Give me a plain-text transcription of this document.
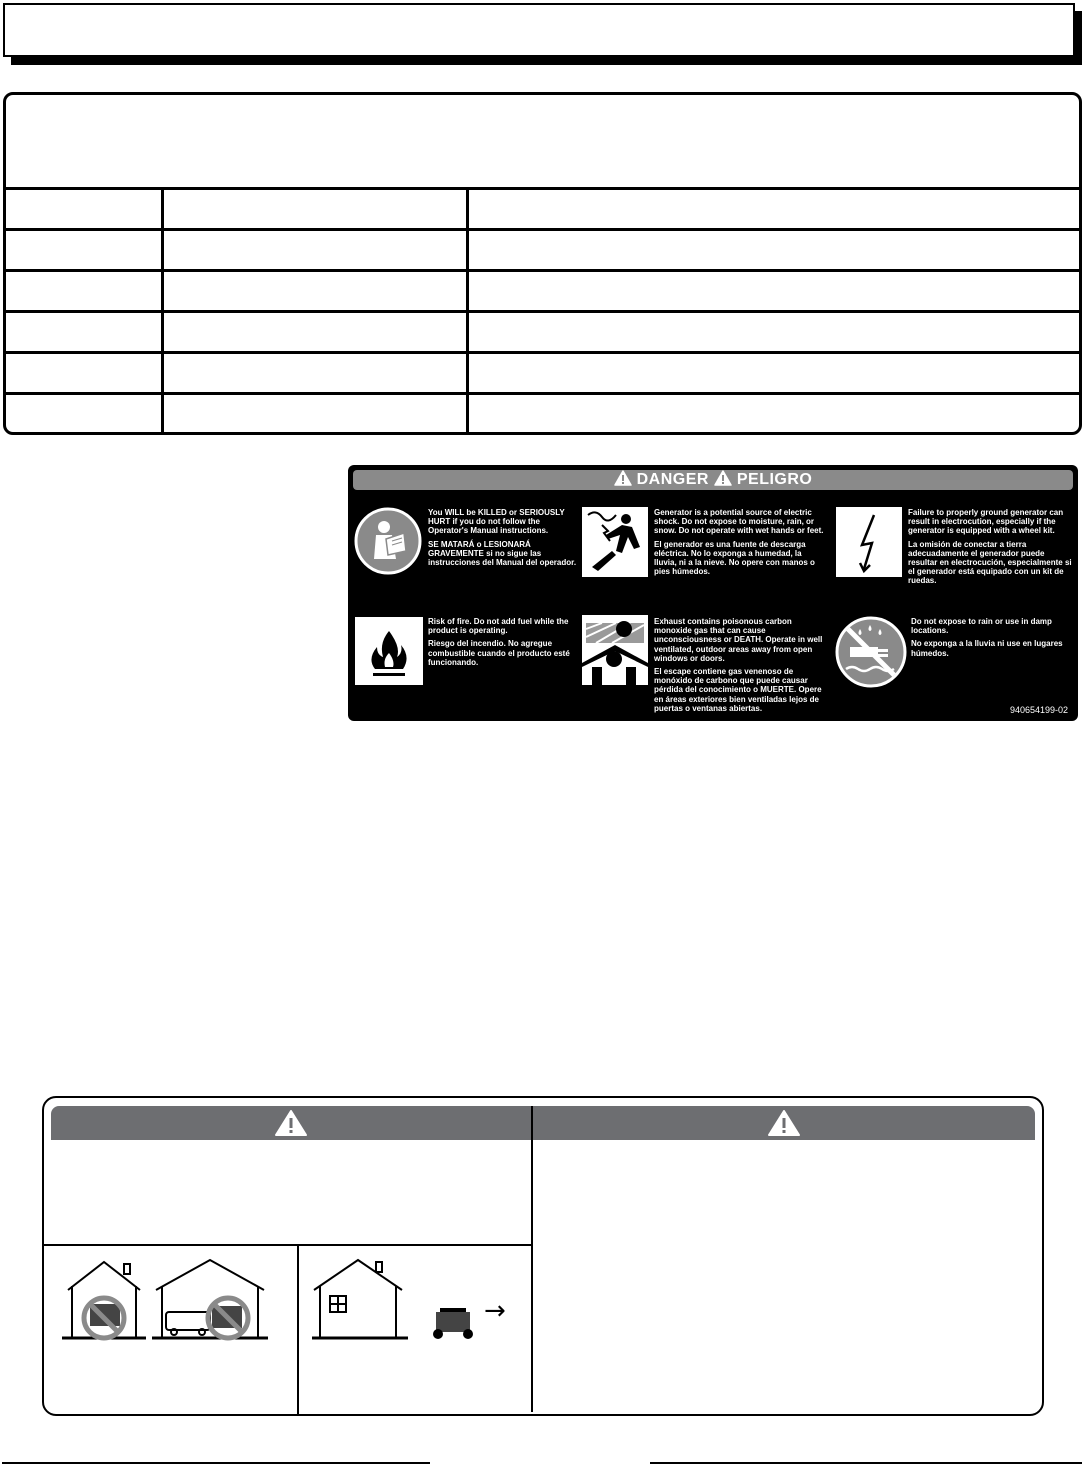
DANGER PELIGRO

You WILL be KILLED or SERIOUSLY HURT if you do not follow the Operator's Manual instructions.

SE MATARÁ o LESIONARÁ GRAVEMENTE si no sigue las instrucciones del Manual del operador.

Generator is a potential source of electric shock. Do not expose to moisture, rain, or snow. Do not operate with wet hands or feet.

El generador es una fuente de descarga eléctrica. No lo exponga a humedad, la lluvia, ni a la nieve. No opere con manos o pies húmedos.

Failure to properly ground generator can result in electrocution, especially if the generator is equipped with a wheel kit.

La omisión de conectar a tierra adecuadamente el generador puede resultar en electrocución, especialmente si el generador está equipado con un kit de ruedas.

Risk of fire. Do not add fuel while the product is operating.

Riesgo del incendio. No agregue combustible cuando el producto esté funcionando.

Exhaust contains poisonous carbon monoxide gas that can cause unconsciousness or DEATH. Operate in well ventilated, outdoor areas away from open windows or doors.

El escape contiene gas venenoso de monóxido de carbono que puede causar pérdida del conocimiento o MUERTE. Opere en áreas exteriores bien ventiladas lejos de puertas o ventanas abiertas.

Do not expose to rain or use in damp locations.

No exponga a la lluvia ni use en lugares húmedos.

940654199-02
→
